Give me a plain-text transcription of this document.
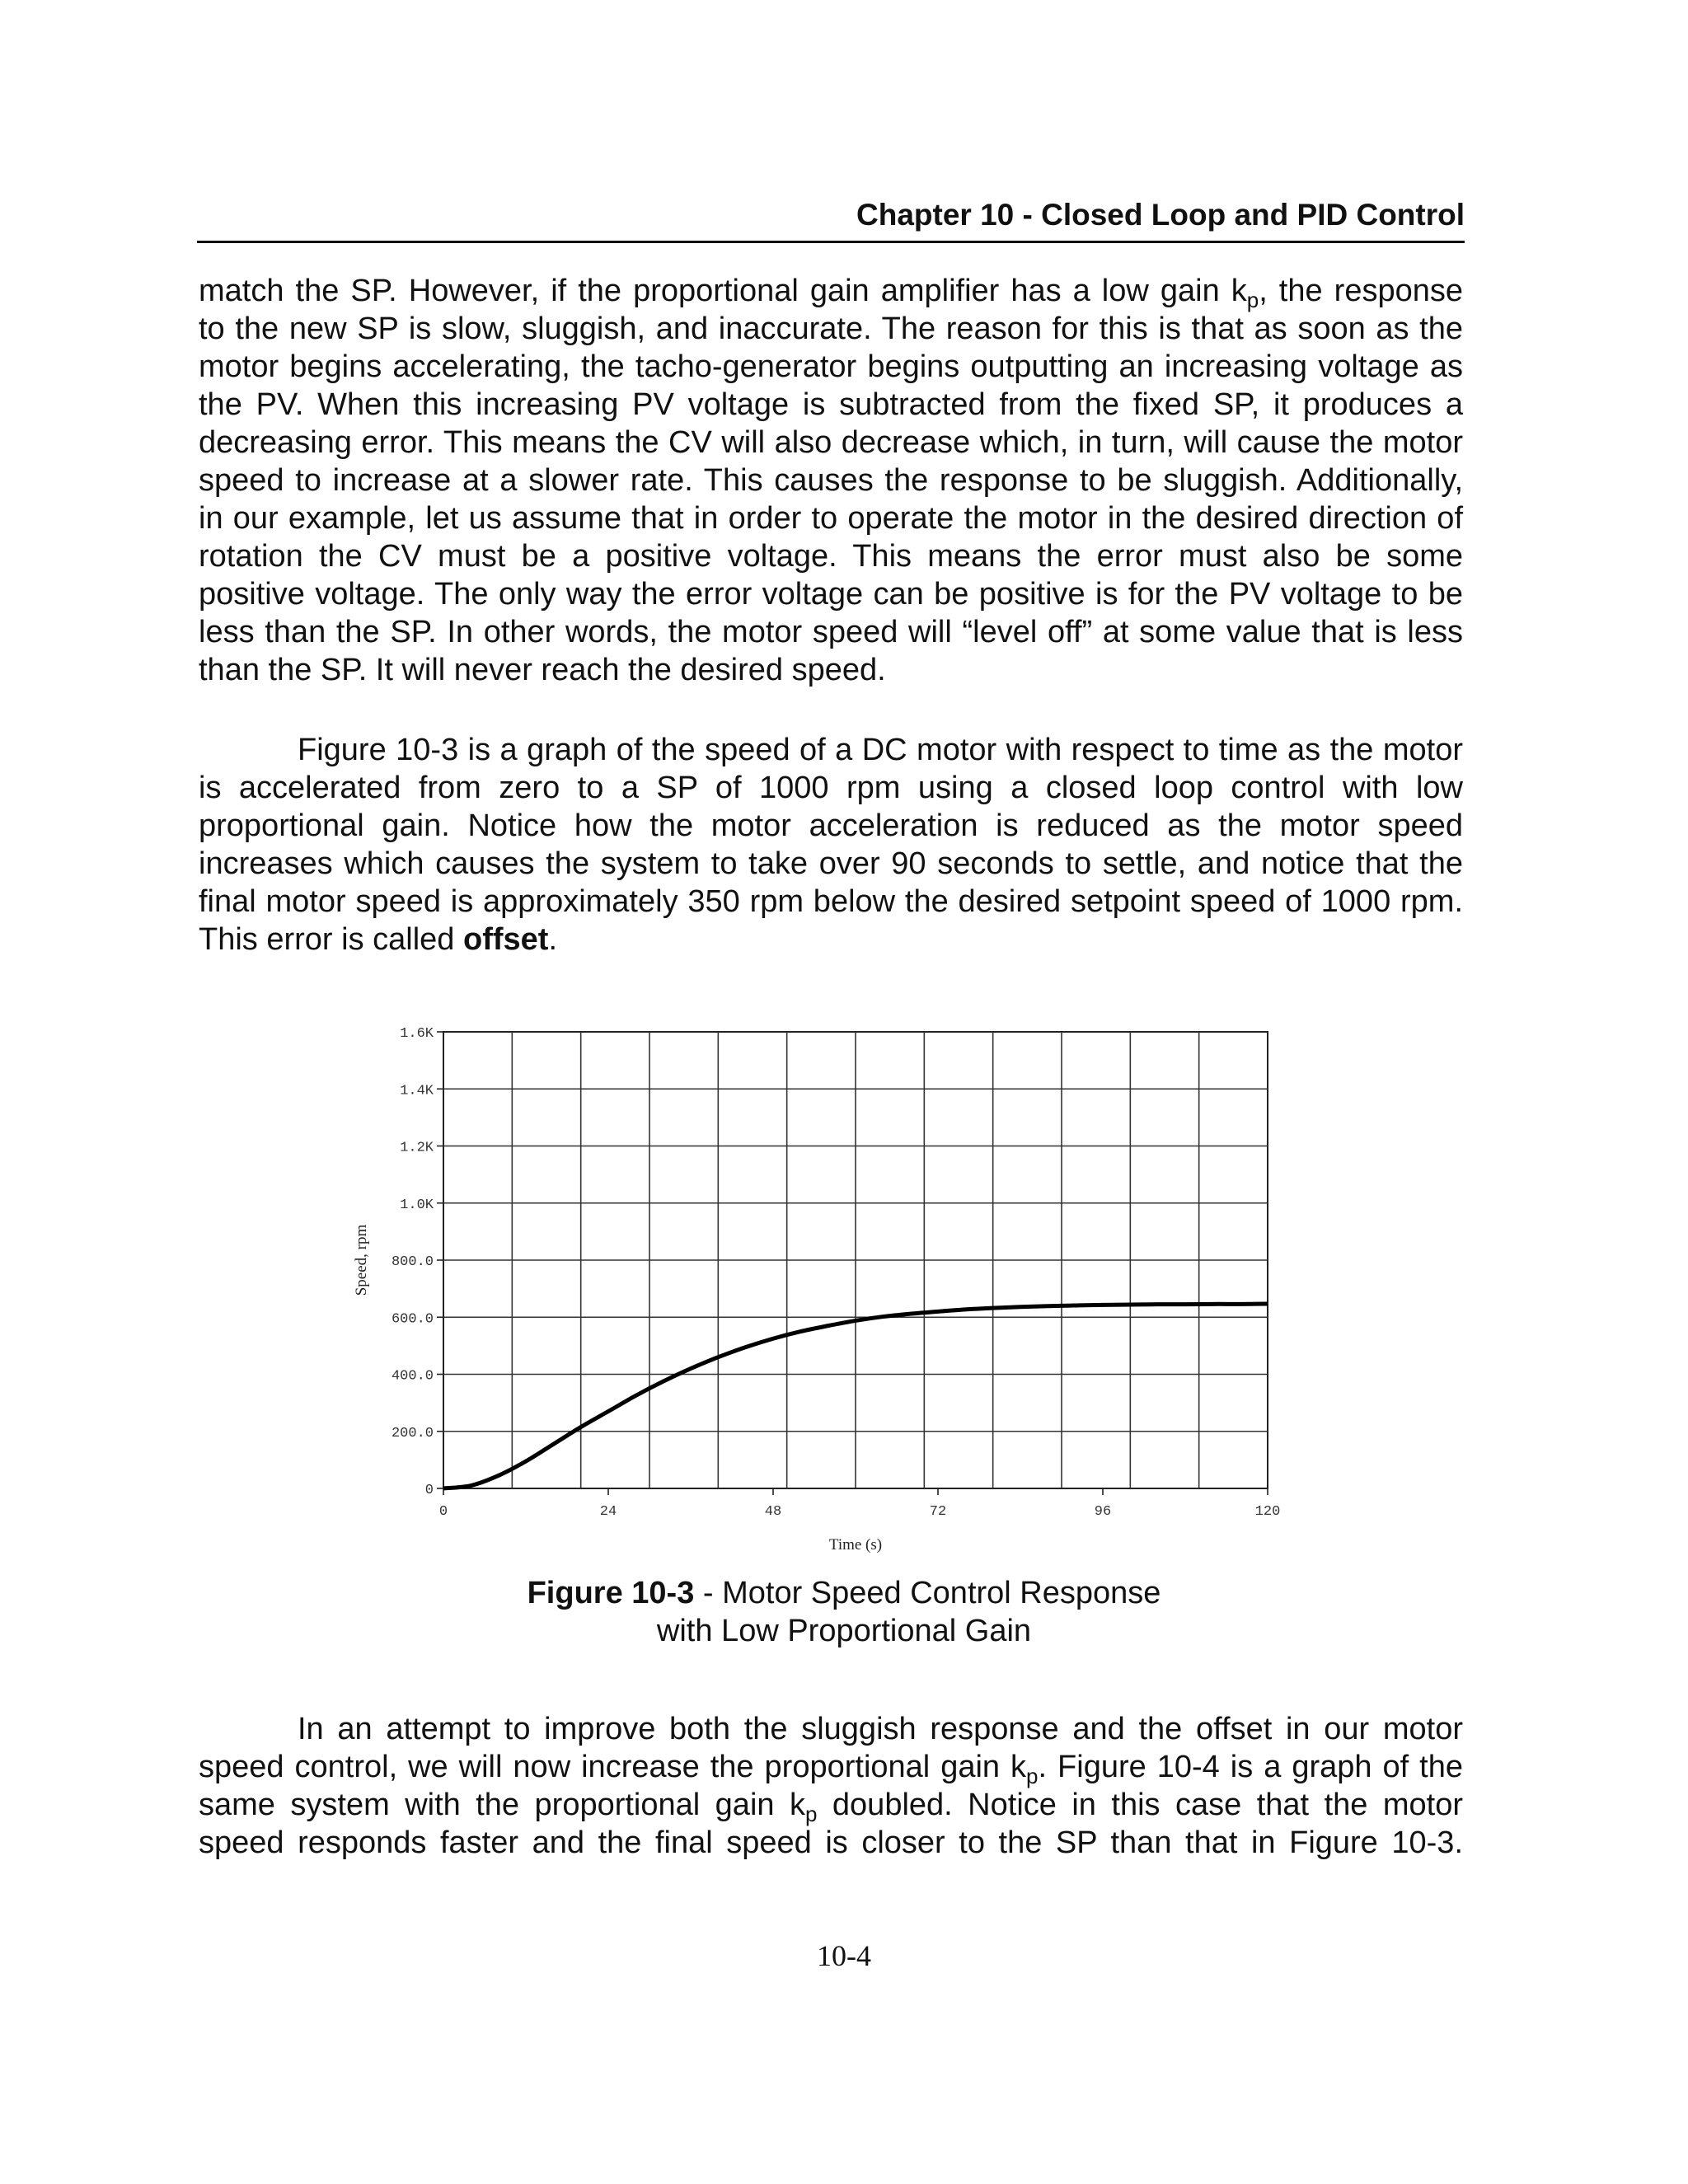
Chapter 10 - Closed Loop and PID Control
match the SP. However, if the proportional gain amplifier has a low gain $k_p$, the response
to the new SP is slow, sluggish, and inaccurate. The reason for this is that as soon as the
motor begins accelerating, the tacho-generator begins outputting an increasing voltage as
the PV. When this increasing PV voltage is subtracted from the fixed SP, it produces a
decreasing error. This means the CV will also decrease which, in turn, will cause the motor
speed to increase at a slower rate. This causes the response to be sluggish. Additionally,
in our example, let us assume that in order to operate the motor in the desired direction of
rotation the CV must be a positive voltage. This means the error must also be some
positive voltage. The only way the error voltage can be positive is for the PV voltage to be
less than the SP. In other words, the motor speed will “level off” at some value that is less
than the SP. It will never reach the desired speed.
Figure 10-3 is a graph of the speed of a DC motor with respect to time as the motor
is accelerated from zero to a SP of 1000 rpm using a closed loop control with low
proportional gain. Notice how the motor acceleration is reduced as the motor speed
increases which causes the system to take over 90 seconds to settle, and notice that the
final motor speed is approximately 350 rpm below the desired setpoint speed of 1000 rpm.
This error is called offset.
0
200.0
400.0
600.0
800.0
1.0K
1.2K
1.4K
1.6K
0	24	48	72	96	120
Time (s)
Speed, rpm
Figure 10-3 - Motor Speed Control Response
with Low Proportional Gain
In an attempt to improve both the sluggish response and the offset in our motor
speed control, we will now increase the proportional gain $k_p$. Figure 10-4 is a graph of the
same system with the proportional gain $k_p$ doubled. Notice in this case that the motor
speed responds faster and the final speed is closer to the SP than that in Figure 10-3.
10-4
